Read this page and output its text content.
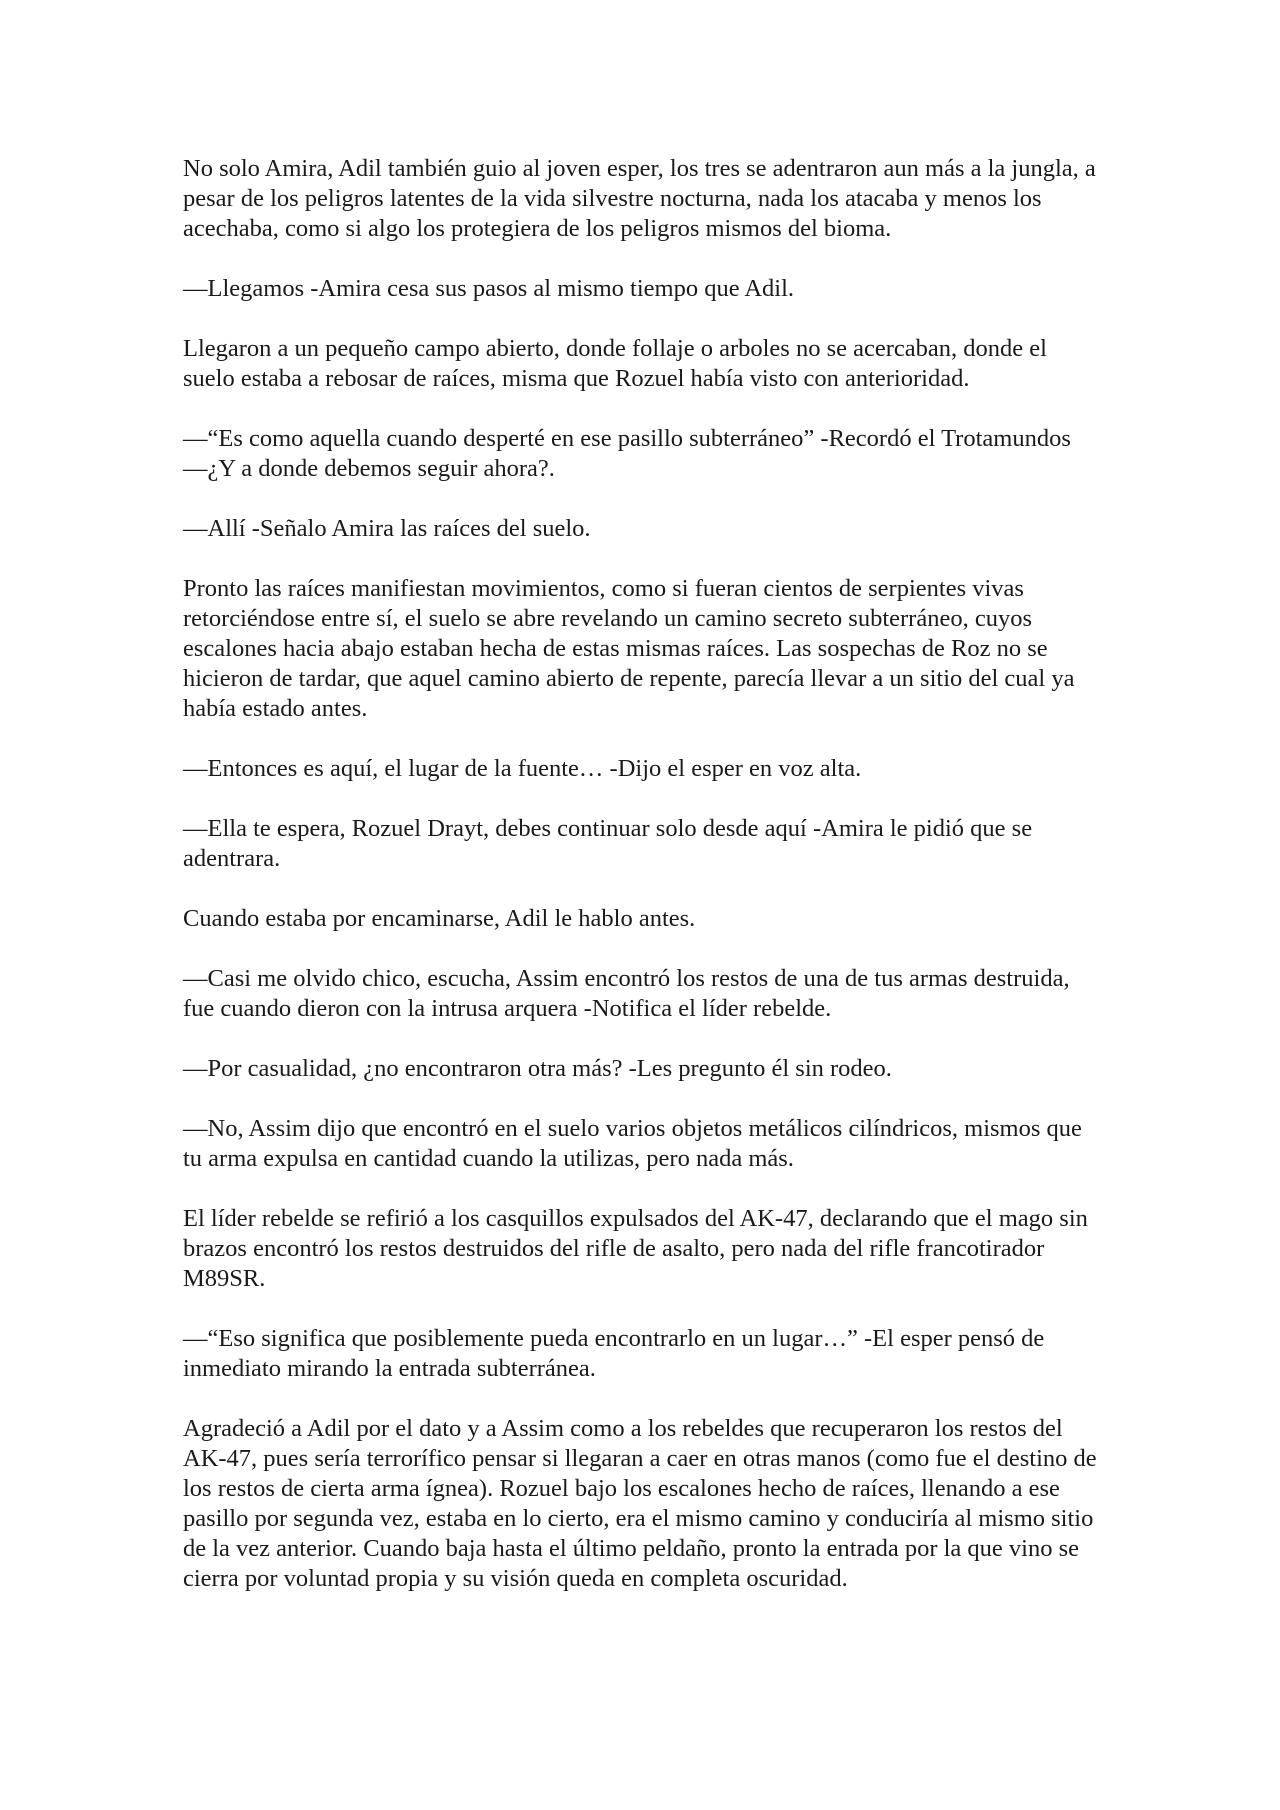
No solo Amira, Adil también guio al joven esper, los tres se adentraron aun más a la jungla, a pesar de los peligros latentes de la vida silvestre nocturna, nada los atacaba y menos los acechaba, como si algo los protegiera de los peligros mismos del bioma.

—Llegamos -Amira cesa sus pasos al mismo tiempo que Adil.

Llegaron a un pequeño campo abierto, donde follaje o arboles no se acercaban, donde el suelo estaba a rebosar de raíces, misma que Rozuel había visto con anterioridad.

—“Es como aquella cuando desperté en ese pasillo subterráneo” -Recordó el Trotamundos —¿Y a donde debemos seguir ahora?.

—Allí -Señalo Amira las raíces del suelo.

Pronto las raíces manifiestan movimientos, como si fueran cientos de serpientes vivas retorciéndose entre sí, el suelo se abre revelando un camino secreto subterráneo, cuyos escalones hacia abajo estaban hecha de estas mismas raíces. Las sospechas de Roz no se hicieron de tardar, que aquel camino abierto de repente, parecía llevar a un sitio del cual ya había estado antes.

—Entonces es aquí, el lugar de la fuente… -Dijo el esper en voz alta.

—Ella te espera, Rozuel Drayt, debes continuar solo desde aquí -Amira le pidió que se adentrara.

Cuando estaba por encaminarse, Adil le hablo antes.

—Casi me olvido chico, escucha, Assim encontró los restos de una de tus armas destruida, fue cuando dieron con la intrusa arquera -Notifica el líder rebelde.

—Por casualidad, ¿no encontraron otra más? -Les pregunto él sin rodeo.

—No, Assim dijo que encontró en el suelo varios objetos metálicos cilíndricos, mismos que tu arma expulsa en cantidad cuando la utilizas, pero nada más.

El líder rebelde se refirió a los casquillos expulsados del AK-47, declarando que el mago sin brazos encontró los restos destruidos del rifle de asalto, pero nada del rifle francotirador M89SR.

—“Eso significa que posiblemente pueda encontrarlo en un lugar…” -El esper pensó de inmediato mirando la entrada subterránea.

Agradeció a Adil por el dato y a Assim como a los rebeldes que recuperaron los restos del AK-47, pues sería terrorífico pensar si llegaran a caer en otras manos (como fue el destino de los restos de cierta arma ígnea). Rozuel bajo los escalones hecho de raíces, llenando a ese pasillo por segunda vez, estaba en lo cierto, era el mismo camino y conduciría al mismo sitio de la vez anterior. Cuando baja hasta el último peldaño, pronto la entrada por la que vino se cierra por voluntad propia y su visión queda en completa oscuridad.
